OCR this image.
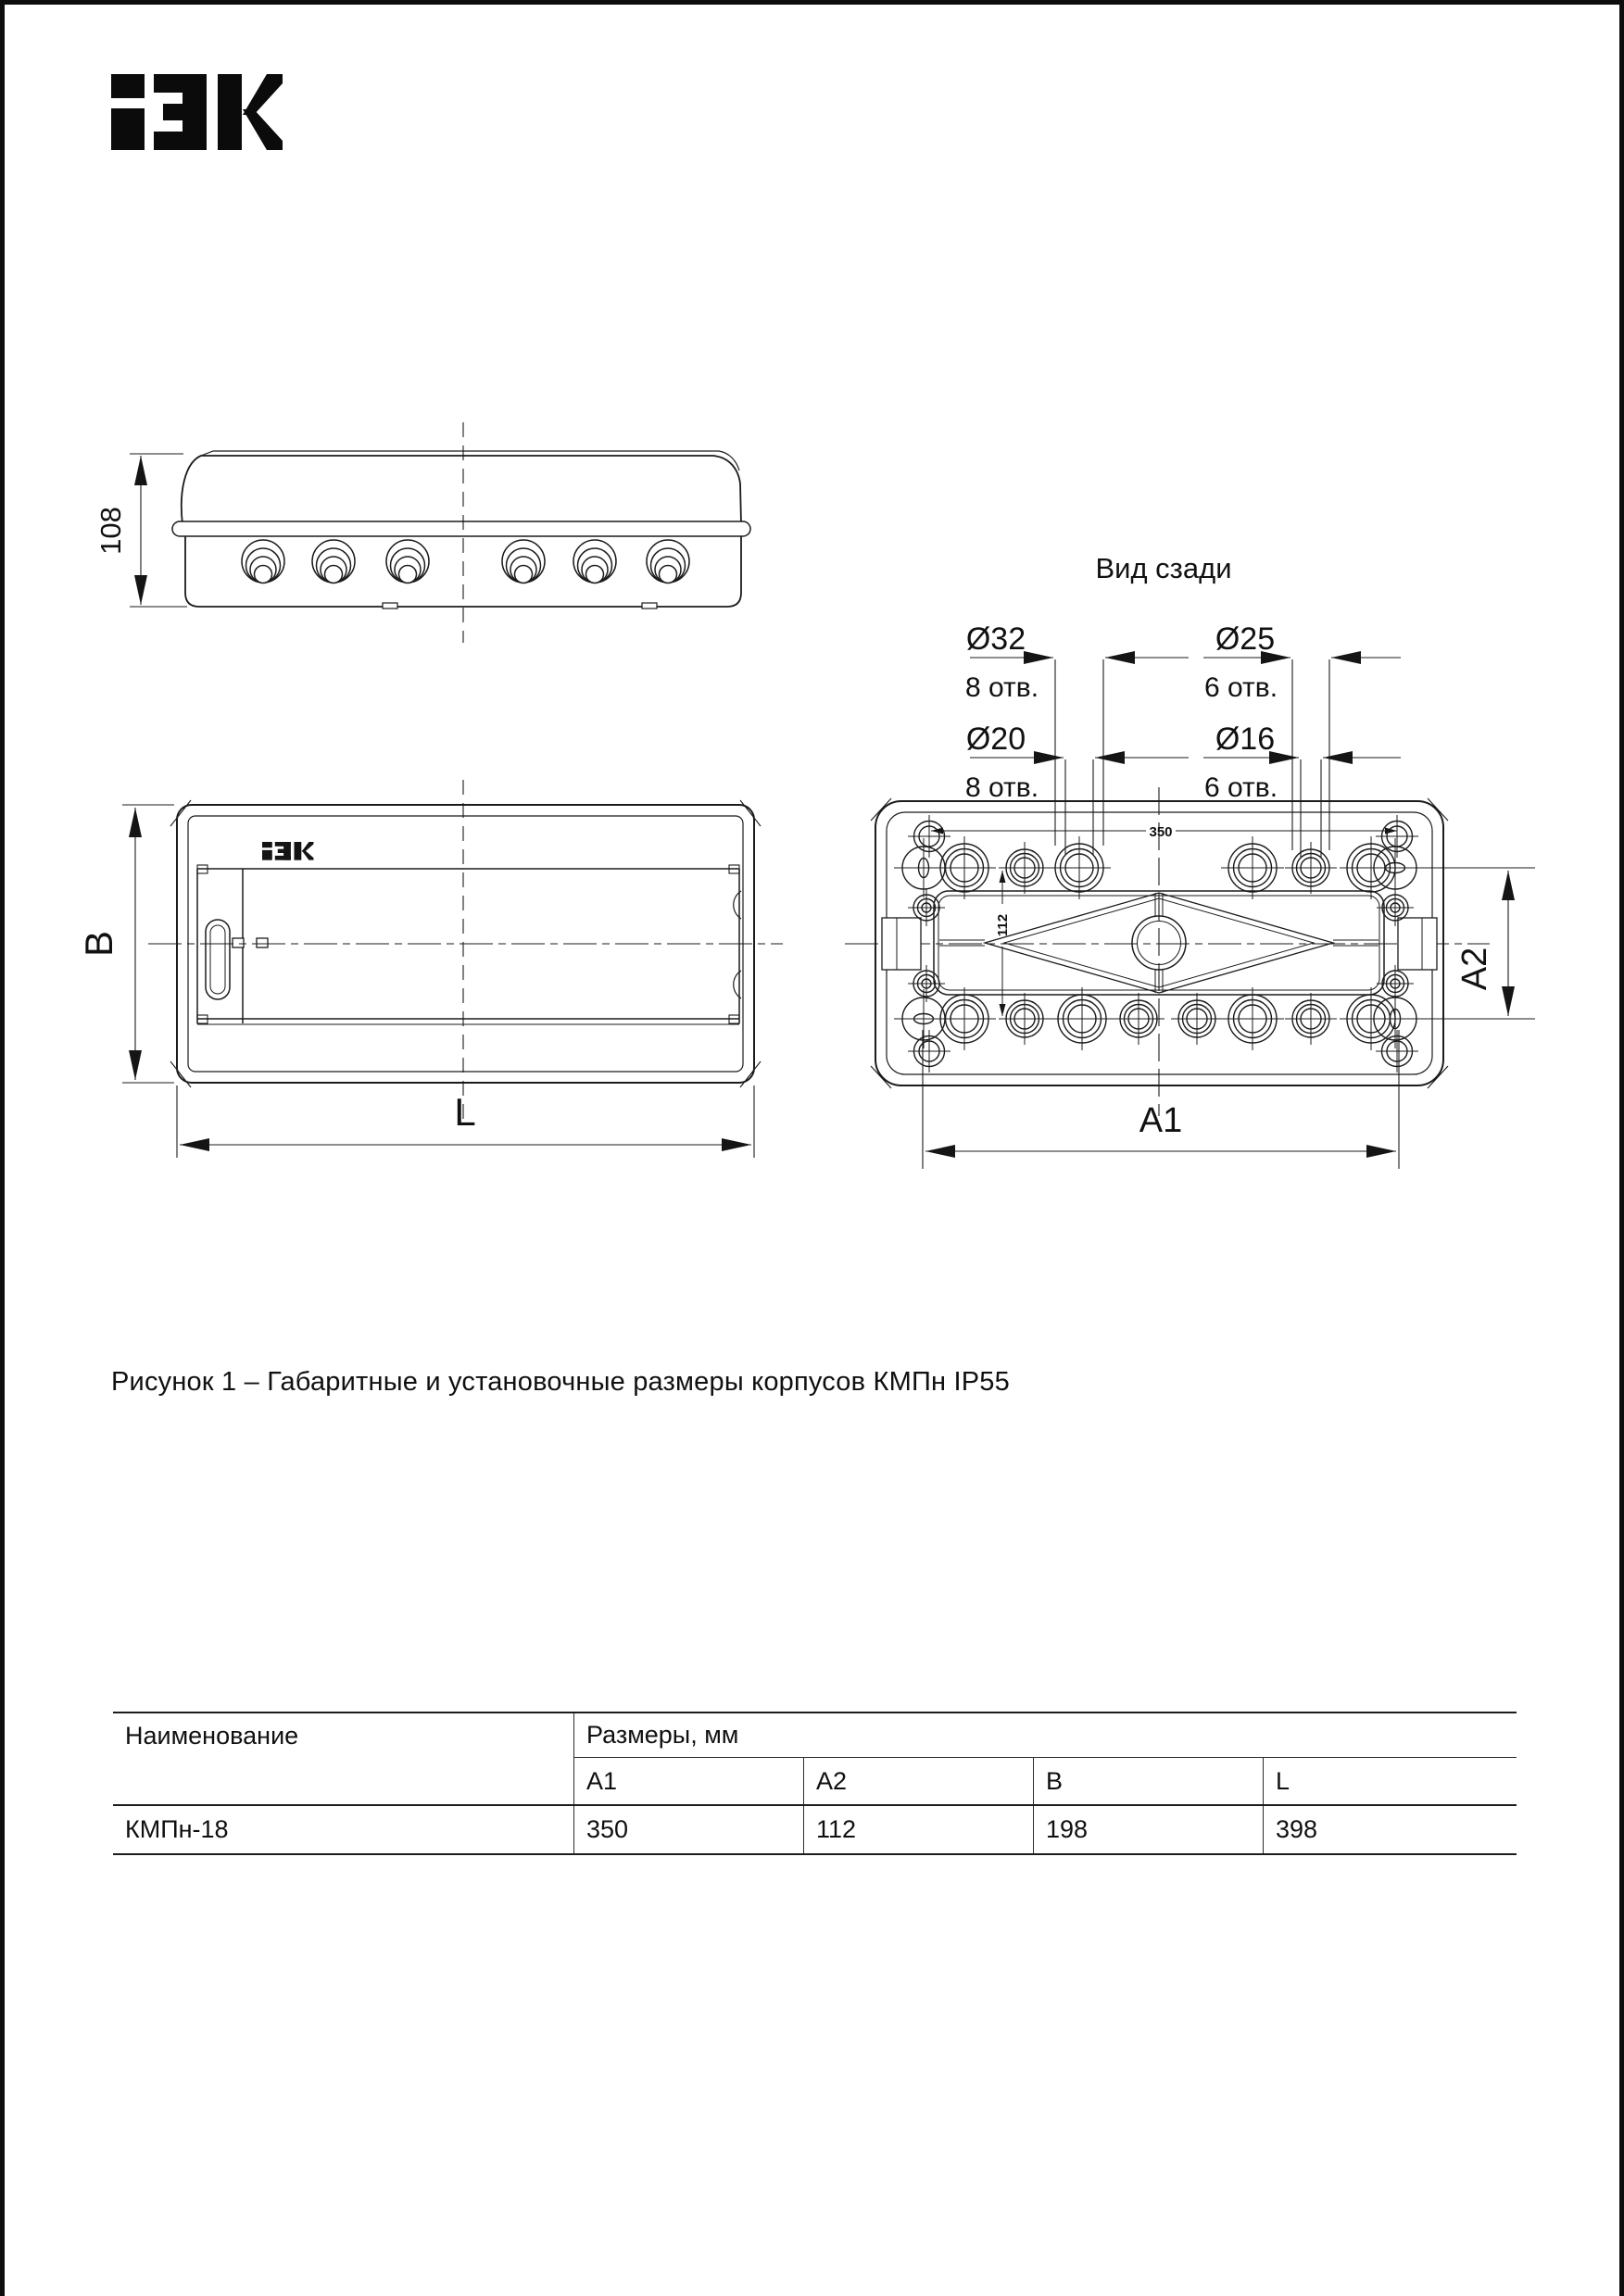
108
B
L
Вид сзади
Ø32
8 отв.
Ø25
6 отв.
Ø20
8 отв.
Ø16
6 отв.
350
112
A1
A2
Рисунок 1 – Габаритные и установочные размеры корпусов КМПн IP55
Наименование	Размеры, мм
A1	A2	B	L
КМПн-18	350	112	198	398
